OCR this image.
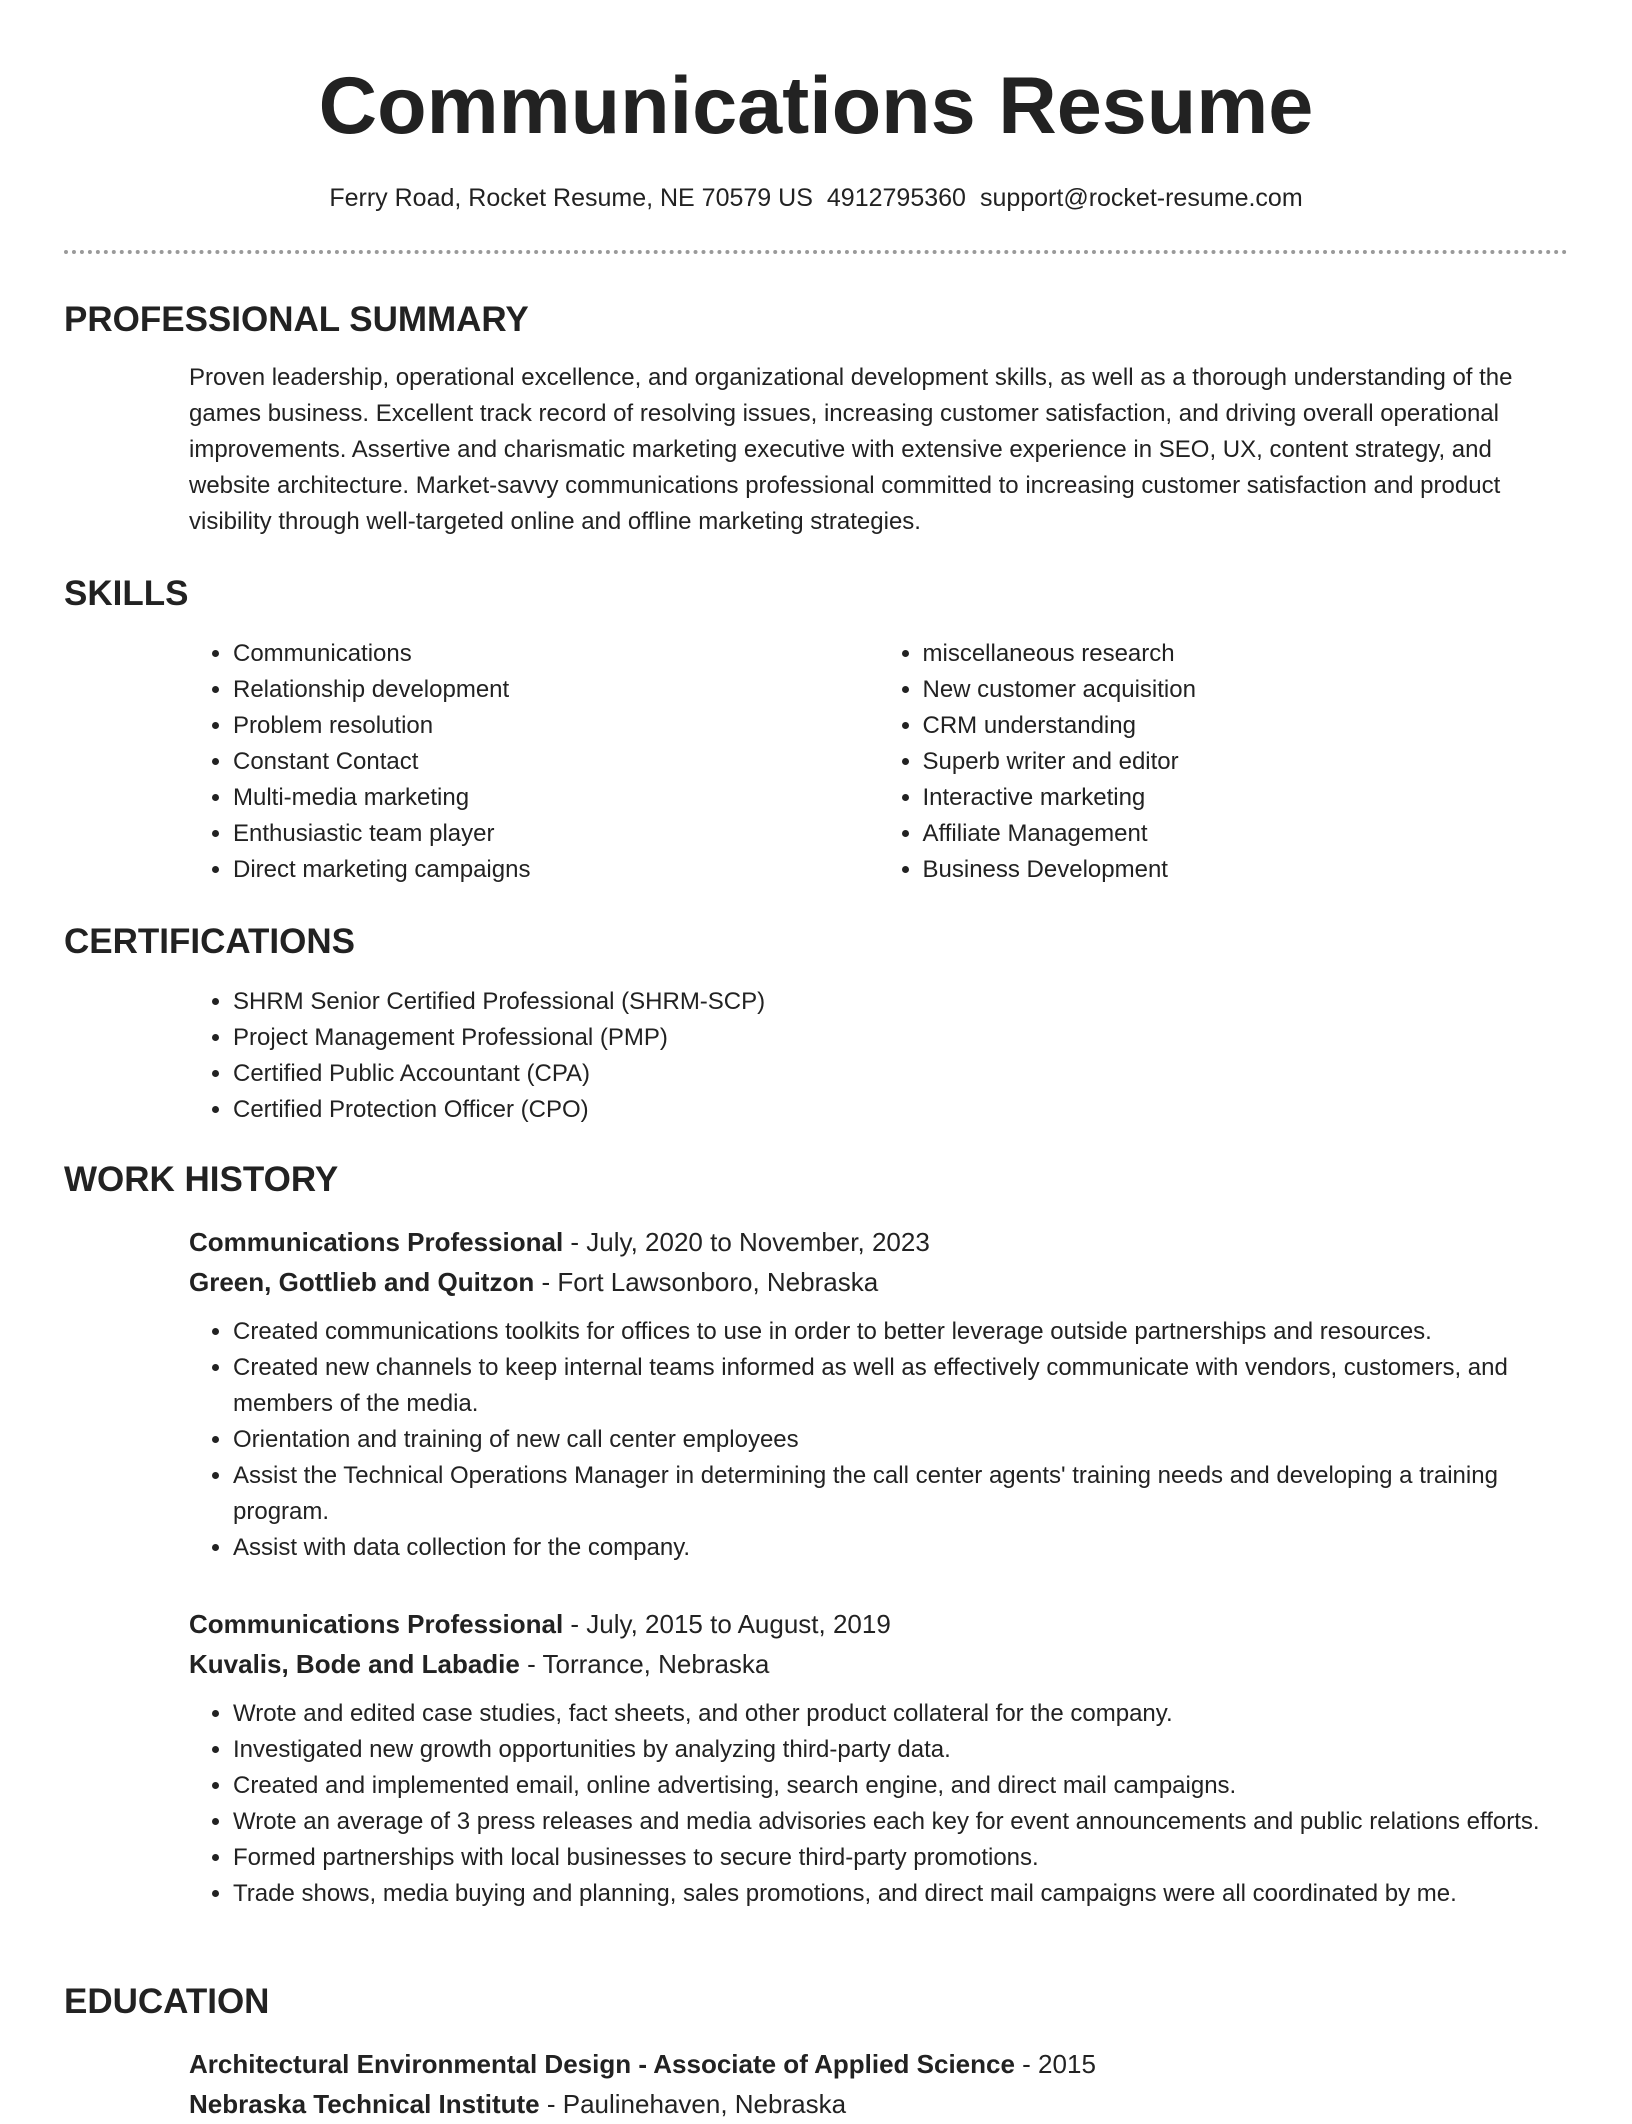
Communications Resume
Ferry Road, Rocket Resume, NE 70579 US 4912795360 support@rocket-resume.com
PROFESSIONAL SUMMARY

Proven leadership, operational excellence, and organizational development skills, as well as a thorough understanding of the games business. Excellent track record of resolving issues, increasing customer satisfaction, and driving overall operational improvements. Assertive and charismatic marketing executive with extensive experience in SEO, UX, content strategy, and website architecture. Market-savvy communications professional committed to increasing customer satisfaction and product visibility through well-targeted online and offline marketing strategies.

SKILLS
• Communications
• Relationship development
• Problem resolution
• Constant Contact
• Multi-media marketing
• Enthusiastic team player
• Direct marketing campaigns
• miscellaneous research
• New customer acquisition
• CRM understanding
• Superb writer and editor
• Interactive marketing
• Affiliate Management
• Business Development
CERTIFICATIONS
• SHRM Senior Certified Professional (SHRM-SCP)
• Project Management Professional (PMP)
• Certified Public Accountant (CPA)
• Certified Protection Officer (CPO)
WORK HISTORY

Communications Professional - July, 2020 to November, 2023

Green, Gottlieb and Quitzon - Fort Lawsonboro, Nebraska

• Created communications toolkits for offices to use in order to better leverage outside partnerships and resources.
• Created new channels to keep internal teams informed as well as effectively communicate with vendors, customers, and members of the media.
• Orientation and training of new call center employees
• Assist the Technical Operations Manager in determining the call center agents' training needs and developing a training program.
• Assist with data collection for the company.

Communications Professional - July, 2015 to August, 2019

Kuvalis, Bode and Labadie - Torrance, Nebraska

• Wrote and edited case studies, fact sheets, and other product collateral for the company.
• Investigated new growth opportunities by analyzing third-party data.
• Created and implemented email, online advertising, search engine, and direct mail campaigns.
• Wrote an average of 3 press releases and media advisories each key for event announcements and public relations efforts.
• Formed partnerships with local businesses to secure third-party promotions.
• Trade shows, media buying and planning, sales promotions, and direct mail campaigns were all coordinated by me.
EDUCATION

Architectural Environmental Design - Associate of Applied Science - 2015

Nebraska Technical Institute - Paulinehaven, Nebraska
